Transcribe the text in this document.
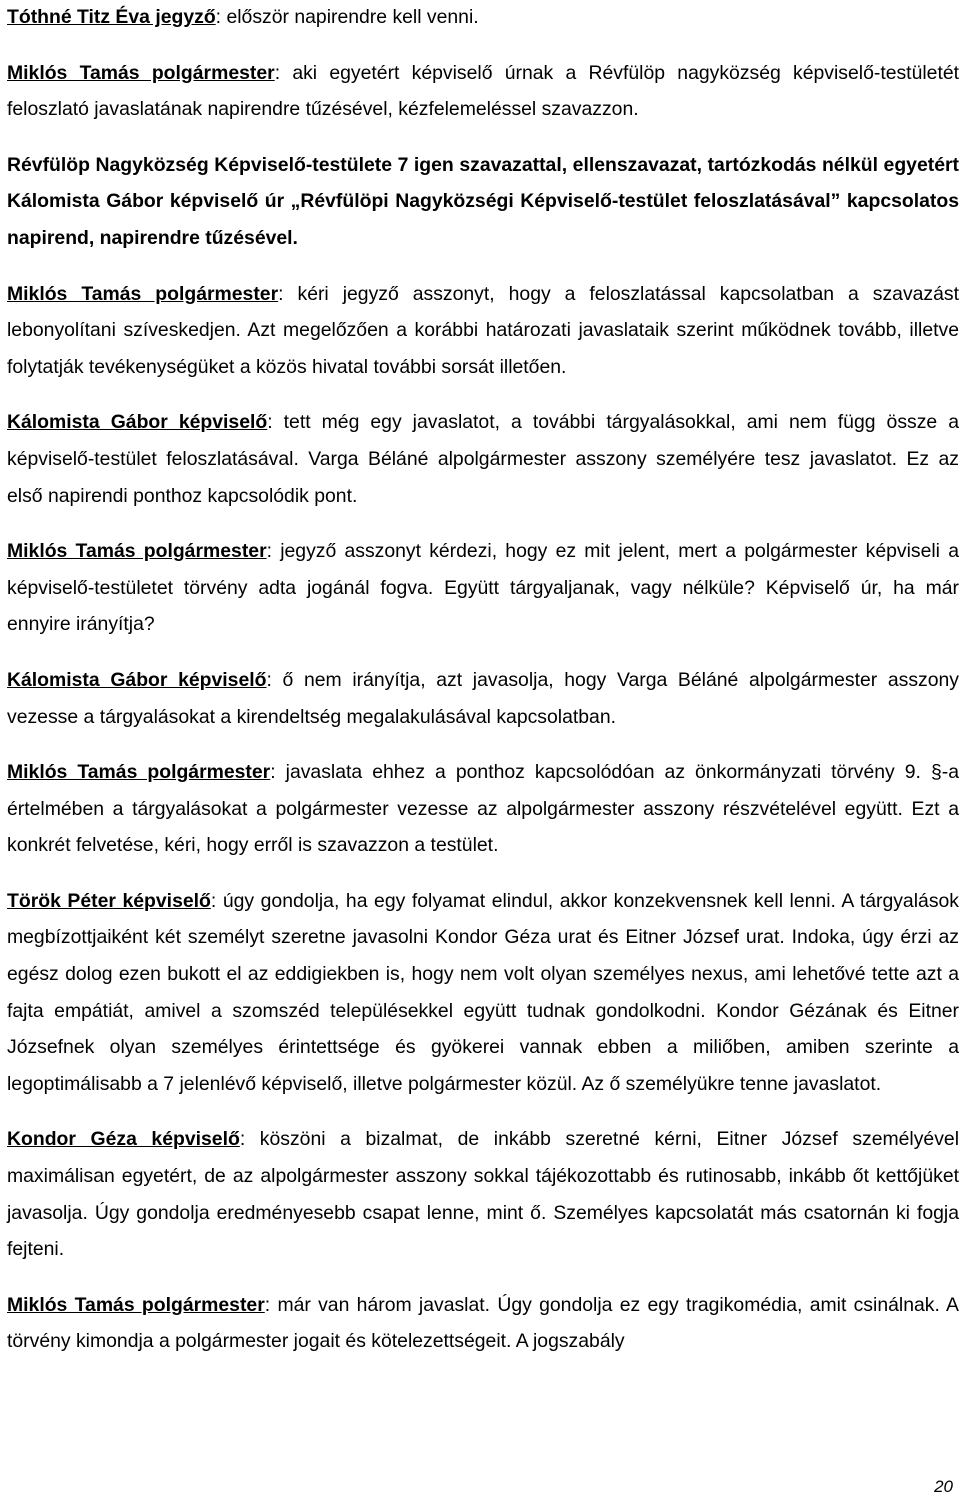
Tóthné Titz Éva jegyző: először napirendre kell venni.

Miklós Tamás polgármester: aki egyetért képviselő úrnak a Révfülöp nagyközség képviselő-testületét feloszlató javaslatának napirendre tűzésével, kézfelemeléssel szavazzon.

Révfülöp Nagyközség Képviselő-testülete 7 igen szavazattal, ellenszavazat, tartózkodás nélkül egyetért Kálomista Gábor képviselő úr „Révfülöpi Nagyközségi Képviselő-testület feloszlatásával” kapcsolatos napirend, napirendre tűzésével.

Miklós Tamás polgármester: kéri jegyző asszonyt, hogy a feloszlatással kapcsolatban a szavazást lebonyolítani szíveskedjen. Azt megelőzően a korábbi határozati javaslataik szerint működnek tovább, illetve folytatják tevékenységüket a közös hivatal további sorsát illetően.

Kálomista Gábor képviselő: tett még egy javaslatot, a további tárgyalásokkal, ami nem függ össze a képviselő-testület feloszlatásával. Varga Béláné alpolgármester asszony személyére tesz javaslatot. Ez az első napirendi ponthoz kapcsolódik pont.

Miklós Tamás polgármester: jegyző asszonyt kérdezi, hogy ez mit jelent, mert a polgármester képviseli a képviselő-testületet törvény adta jogánál fogva. Együtt tárgyaljanak, vagy nélküle? Képviselő úr, ha már ennyire irányítja?

Kálomista Gábor képviselő: ő nem irányítja, azt javasolja, hogy Varga Béláné alpolgármester asszony vezesse a tárgyalásokat a kirendeltség megalakulásával kapcsolatban.

Miklós Tamás polgármester: javaslata ehhez a ponthoz kapcsolódóan az önkormányzati törvény 9. §-a értelmében a tárgyalásokat a polgármester vezesse az alpolgármester asszony részvételével együtt. Ezt a konkrét felvetése, kéri, hogy erről is szavazzon a testület.

Török Péter képviselő: úgy gondolja, ha egy folyamat elindul, akkor konzekvensnek kell lenni. A tárgyalások megbízottjaiként két személyt szeretne javasolni Kondor Géza urat és Eitner József urat. Indoka, úgy érzi az egész dolog ezen bukott el az eddigiekben is, hogy nem volt olyan személyes nexus, ami lehetővé tette azt a fajta empátiát, amivel a szomszéd településekkel együtt tudnak gondolkodni. Kondor Gézának és Eitner Józsefnek olyan személyes érintettsége és gyökerei vannak ebben a miliőben, amiben szerinte a legoptimálisabb a 7 jelenlévő képviselő, illetve polgármester közül. Az ő személyükre tenne javaslatot.

Kondor Géza képviselő: köszöni a bizalmat, de inkább szeretné kérni, Eitner József személyével maximálisan egyetért, de az alpolgármester asszony sokkal tájékozottabb és rutinosabb, inkább őt kettőjüket javasolja. Úgy gondolja eredményesebb csapat lenne, mint ő. Személyes kapcsolatát más csatornán ki fogja fejteni.

Miklós Tamás polgármester: már van három javaslat. Úgy gondolja ez egy tragikomédia, amit csinálnak. A törvény kimondja a polgármester jogait és kötelezettségeit. A jogszabály

20
